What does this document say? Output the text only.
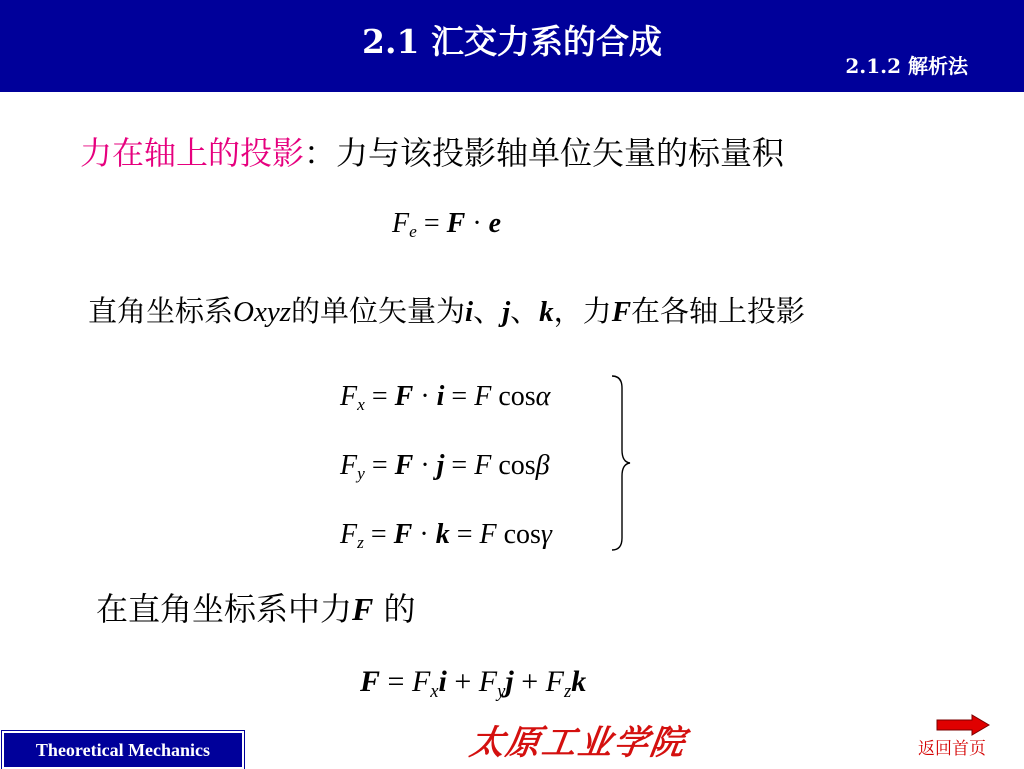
2.1 汇交力系的合成
2.1.2 解析法
力在轴上的投影：力与该投影轴单位矢量的标量积
Fe = F · e
直角坐标系Oxyz的单位矢量为i、j、k，力F在各轴上投影
Fx = F · i = F cosα
Fy = F · j = F cosβ
Fz = F · k = F cosγ
在直角坐标系中力F 的
F = Fxi + Fyj + Fzk
Theoretical Mechanics	太原工业学院	返回首页
